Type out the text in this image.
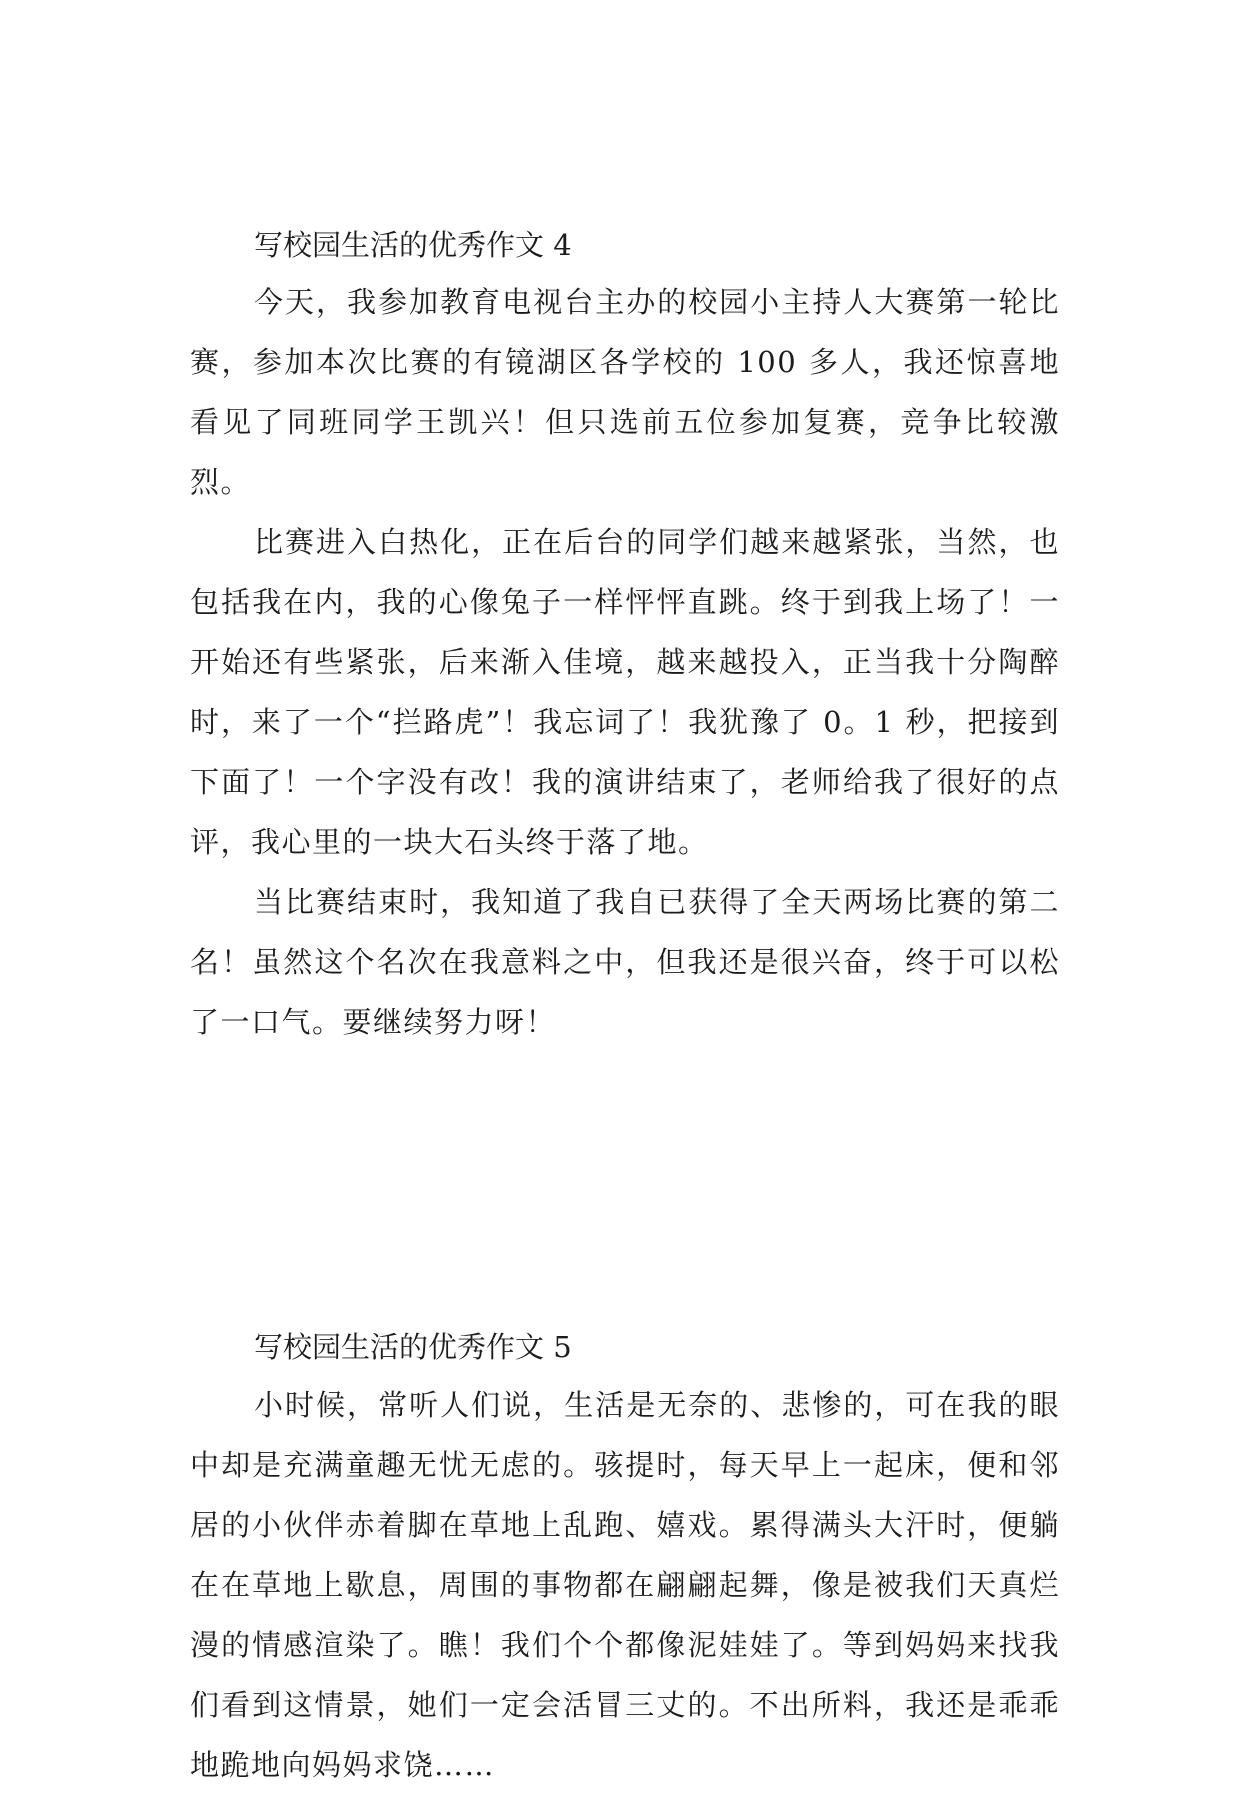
写校园生活的优秀作文 4

今天，我参加教育电视台主办的校园小主持人大赛第一轮比赛，参加本次比赛的有镜湖区各学校的 100 多人，我还惊喜地看见了同班同学王凯兴！但只选前五位参加复赛，竞争比较激烈。

比赛进入白热化，正在后台的同学们越来越紧张，当然，也包括我在内，我的心像兔子一样怦怦直跳。终于到我上场了！一开始还有些紧张，后来渐入佳境，越来越投入，正当我十分陶醉时，来了一个“拦路虎”！我忘词了！我犹豫了 0。1 秒，把接到下面了！一个字没有改！我的演讲结束了，老师给我了很好的点评，我心里的一块大石头终于落了地。

当比赛结束时，我知道了我自已获得了全天两场比赛的第二名！虽然这个名次在我意料之中，但我还是很兴奋，终于可以松了一口气。要继续努力呀！

写校园生活的优秀作文 5

小时候，常听人们说，生活是无奈的、悲惨的，可在我的眼中却是充满童趣无忧无虑的。骇提时，每天早上一起床，便和邻居的小伙伴赤着脚在草地上乱跑、嬉戏。累得满头大汗时，便躺在在草地上歇息，周围的事物都在翩翩起舞，像是被我们天真烂漫的情感渲染了。瞧！我们个个都像泥娃娃了。等到妈妈来找我们看到这情景，她们一定会活冒三丈的。不出所料，我还是乖乖地跪地向妈妈求饶……
